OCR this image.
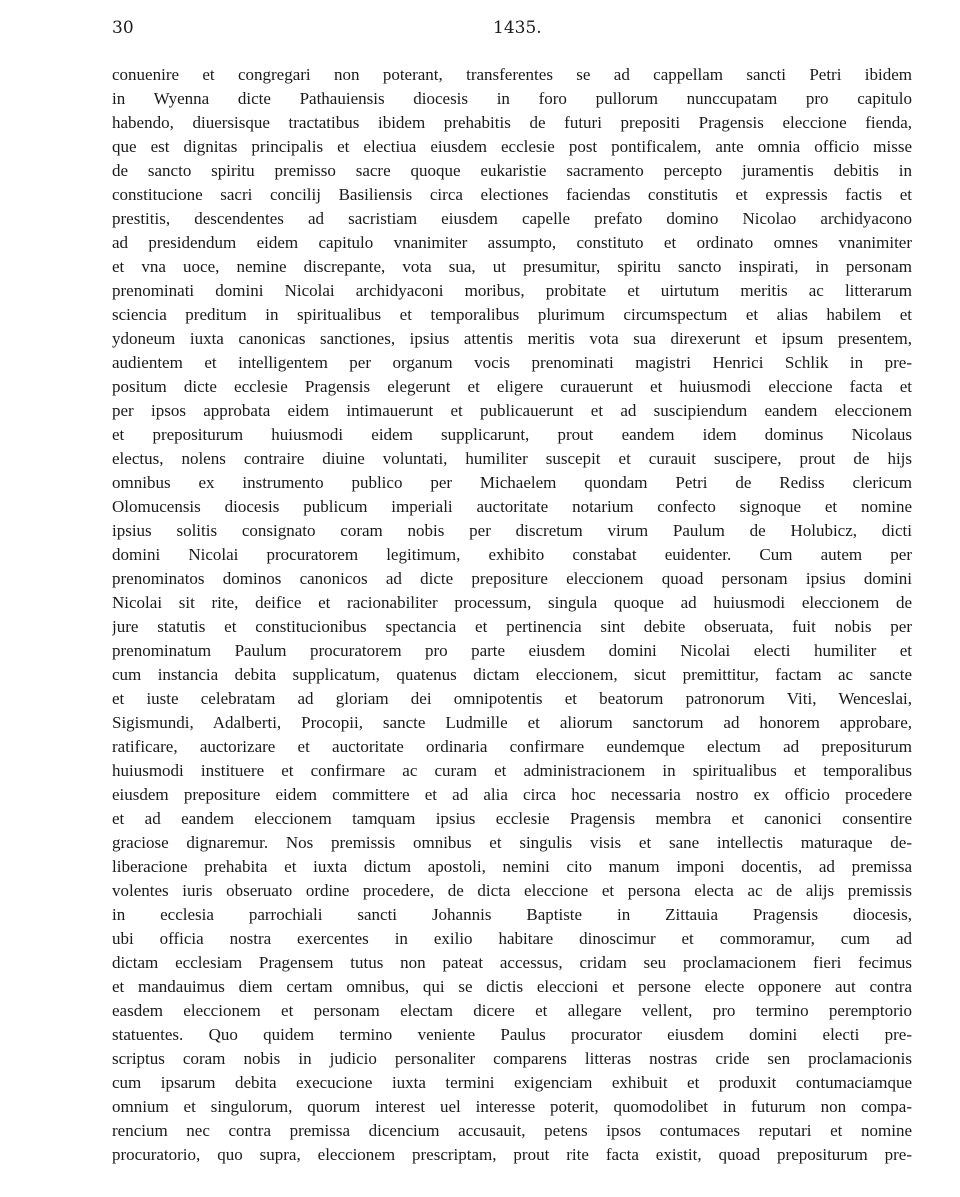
30	1435.
conuenire et congregari non poterant, transferentes se ad cappellam sancti Petri ibidem
in Wyenna dicte Pathauiensis diocesis in foro pullorum nunccupatam pro capitulo
habendo, diuersisque tractatibus ibidem prehabitis de futuri prepositi Pragensis eleccione fienda,
que est dignitas principalis et electiua eiusdem ecclesie post pontificalem, ante omnia officio misse
de sancto spiritu premisso sacre quoque eukaristie sacramento percepto juramentis debitis in
constitucione sacri concilij Basiliensis circa electiones faciendas constitutis et expressis factis et
prestitis, descendentes ad sacristiam eiusdem capelle prefato domino Nicolao archidyacono
ad presidendum eidem capitulo vnanimiter assumpto, constituto et ordinato omnes vnanimiter
et vna uoce, nemine discrepante, vota sua, ut presumitur, spiritu sancto inspirati, in personam
prenominati domini Nicolai archidyaconi moribus, probitate et uirtutum meritis ac litterarum
sciencia preditum in spiritualibus et temporalibus plurimum circumspectum et alias habilem et
ydoneum iuxta canonicas sanctiones, ipsius attentis meritis vota sua direxerunt et ipsum presentem,
audientem et intelligentem per organum vocis prenominati magistri Henrici Schlik in pre-
positum dicte ecclesie Pragensis elegerunt et eligere curauerunt et huiusmodi eleccione facta et
per ipsos approbata eidem intimauerunt et publicauerunt et ad suscipiendum eandem eleccionem
et prepositurum huiusmodi eidem supplicarunt, prout eandem idem dominus Nicolaus
electus, nolens contraire diuine voluntati, humiliter suscepit et curauit suscipere, prout de hijs
omnibus ex instrumento publico per Michaelem quondam Petri de Rediss clericum
Olomucensis diocesis publicum imperiali auctoritate notarium confecto signoque et nomine
ipsius solitis consignato coram nobis per discretum virum Paulum de Holubicz, dicti
domini Nicolai procuratorem legitimum, exhibito constabat euidenter. Cum autem per
prenominatos dominos canonicos ad dicte prepositure eleccionem quoad personam ipsius domini
Nicolai sit rite, deifice et racionabiliter processum, singula quoque ad huiusmodi eleccionem de
jure statutis et constitucionibus spectancia et pertinencia sint debite obseruata, fuit nobis per
prenominatum Paulum procuratorem pro parte eiusdem domini Nicolai electi humiliter et
cum instancia debita supplicatum, quatenus dictam eleccionem, sicut premittitur, factam ac sancte
et iuste celebratam ad gloriam dei omnipotentis et beatorum patronorum Viti, Wenceslai,
Sigismundi, Adalberti, Procopii, sancte Ludmille et aliorum sanctorum ad honorem approbare,
ratificare, auctorizare et auctoritate ordinaria confirmare eundemque electum ad prepositurum
huiusmodi instituere et confirmare ac curam et administracionem in spiritualibus et temporalibus
eiusdem prepositure eidem committere et ad alia circa hoc necessaria nostro ex officio procedere
et ad eandem eleccionem tamquam ipsius ecclesie Pragensis membra et canonici consentire
graciose dignaremur. Nos premissis omnibus et singulis visis et sane intellectis maturaque de-
liberacione prehabita et iuxta dictum apostoli, nemini cito manum imponi docentis, ad premissa
volentes iuris obseruato ordine procedere, de dicta eleccione et persona electa ac de alijs premissis
in ecclesia parrochiali sancti Johannis Baptiste in Zittauia Pragensis diocesis,
ubi officia nostra exercentes in exilio habitare dinoscimur et commoramur, cum ad
dictam ecclesiam Pragensem tutus non pateat accessus, cridam seu proclamacionem fieri fecimus
et mandauimus diem certam omnibus, qui se dictis eleccioni et persone electe opponere aut contra
easdem eleccionem et personam electam dicere et allegare vellent, pro termino peremptorio
statuentes. Quo quidem termino veniente Paulus procurator eiusdem domini electi pre-
scriptus coram nobis in judicio personaliter comparens litteras nostras cride sen proclamacionis
cum ipsarum debita execucione iuxta termini exigenciam exhibuit et produxit contumaciamque
omnium et singulorum, quorum interest uel interesse poterit, quomodolibet in futurum non compa-
rencium nec contra premissa dicencium accusauit, petens ipsos contumaces reputari et nomine
procuratorio, quo supra, eleccionem prescriptam, prout rite facta existit, quoad prepositurum pre-
